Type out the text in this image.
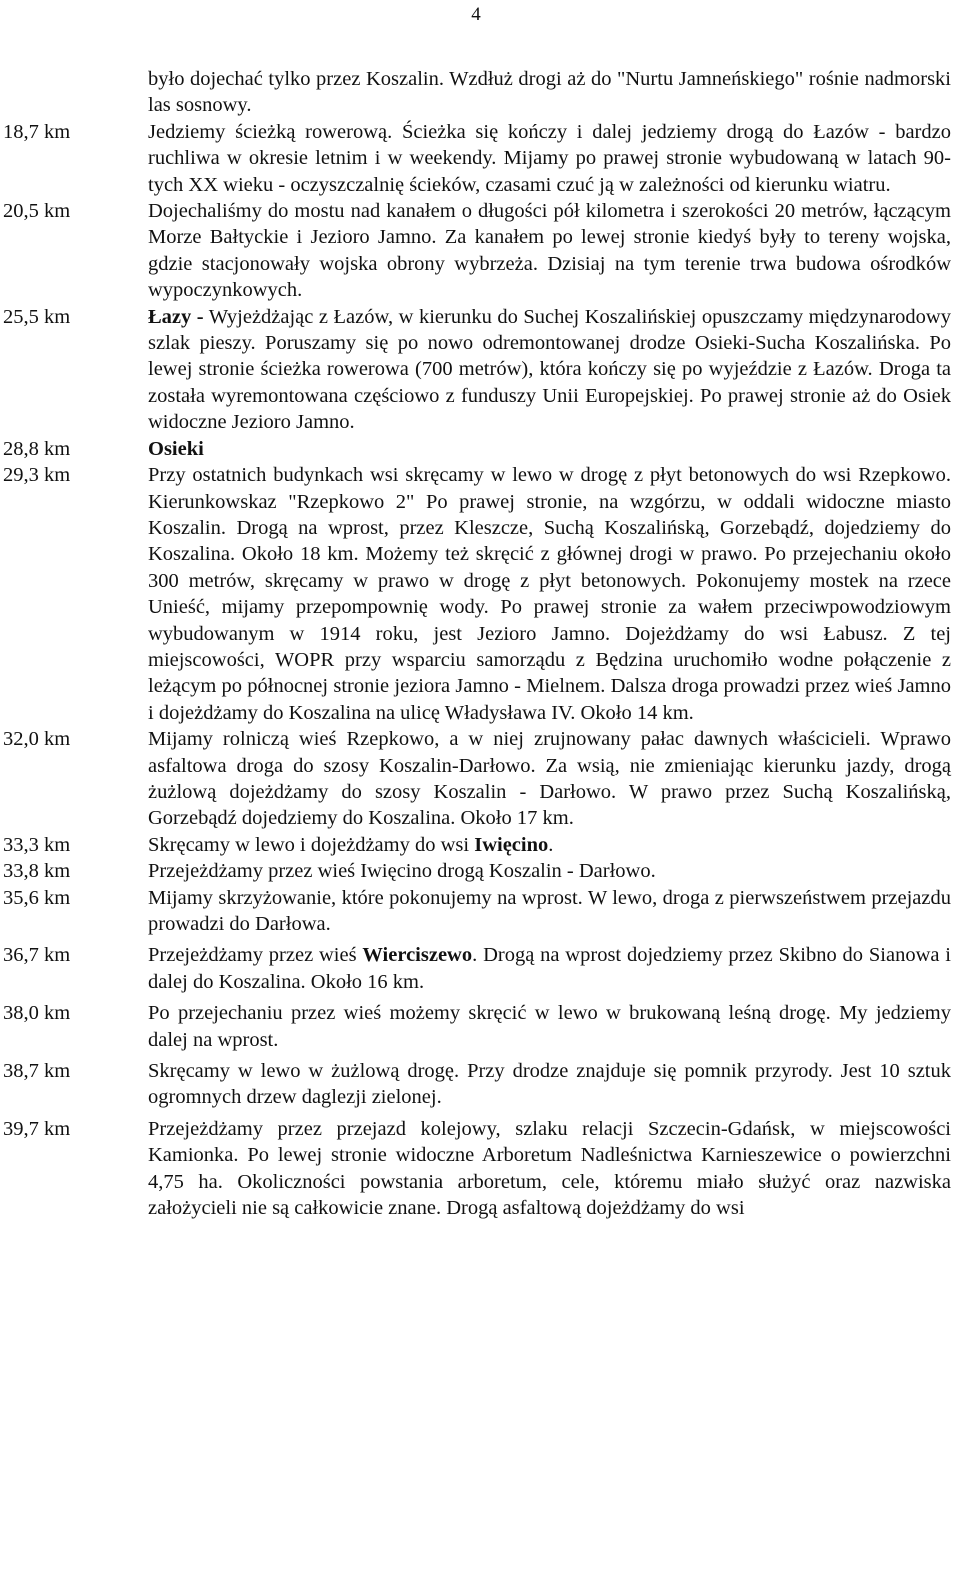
4
było dojechać tylko przez Koszalin. Wzdłuż drogi aż do "Nurtu Jamneńskiego" rośnie nadmorski las sosnowy.
18,7 km	Jedziemy ścieżką rowerową. Ścieżka się kończy i dalej jedziemy drogą do Łazów - bardzo ruchliwa w okresie letnim i w weekendy. Mijamy po prawej stronie wybudowaną w latach 90-tych XX wieku - oczyszczalnię ścieków, czasami czuć ją w zależności od kierunku wiatru.
20,5 km	Dojechaliśmy do mostu nad kanałem o długości pół kilometra i szerokości 20 metrów, łączącym Morze Bałtyckie i Jezioro Jamno. Za kanałem po lewej stronie kiedyś były to tereny wojska, gdzie stacjonowały wojska obrony wybrzeża. Dzisiaj na tym terenie trwa budowa ośrodków wypoczynkowych.
25,5 km	Łazy - Wyjeżdżając z Łazów, w kierunku do Suchej Koszalińskiej opuszczamy międzynarodowy szlak pieszy. Poruszamy się po nowo odremontowanej drodze Osieki-Sucha Koszalińska. Po lewej stronie ścieżka rowerowa (700 metrów), która kończy się po wyjeździe z Łazów. Droga ta została wyremontowana częściowo z funduszy Unii Europejskiej. Po prawej stronie aż do Osiek widoczne Jezioro Jamno.
28,8 km	Osieki
29,3 km	Przy ostatnich budynkach wsi skręcamy w lewo w drogę z płyt betonowych do wsi Rzepkowo. Kierunkowskaz "Rzepkowo 2" Po prawej stronie, na wzgórzu, w oddali widoczne miasto Koszalin. Drogą na wprost, przez Kleszcze, Suchą Koszalińską, Gorzebądź, dojedziemy do Koszalina. Około 18 km. Możemy też skręcić z głównej drogi w prawo. Po przejechaniu około 300 metrów, skręcamy w prawo w drogę z płyt betonowych. Pokonujemy mostek na rzece Unieść, mijamy przepompownię wody. Po prawej stronie za wałem przeciwpowodziowym wybudowanym w 1914 roku, jest Jezioro Jamno. Dojeżdżamy do wsi Łabusz. Z tej miejscowości, WOPR przy wsparciu samorządu z Będzina uruchomiło wodne połączenie z leżącym po północnej stronie jeziora Jamno - Mielnem. Dalsza droga prowadzi przez wieś Jamno i dojeżdżamy do Koszalina na ulicę Władysława IV. Około 14 km.
32,0 km	Mijamy rolniczą wieś Rzepkowo, a w niej zrujnowany pałac dawnych właścicieli. Wprawo asfaltowa droga do szosy Koszalin-Darłowo. Za wsią, nie zmieniając kierunku jazdy, drogą żużlową dojeżdżamy do szosy Koszalin - Darłowo. W prawo przez Suchą Koszalińską, Gorzebądź dojedziemy do Koszalina. Około 17 km.
33,3 km	Skręcamy w lewo i dojeżdżamy do wsi Iwięcino.
33,8 km	Przejeżdżamy przez wieś Iwięcino drogą Koszalin - Darłowo.
35,6 km	Mijamy skrzyżowanie, które pokonujemy na wprost. W lewo, droga z pierwszeństwem przejazdu prowadzi do Darłowa.
36,7 km	Przejeżdżamy przez wieś Wierciszewo. Drogą na wprost dojedziemy przez Skibno do Sianowa i dalej do Koszalina. Około 16 km.
38,0 km	Po przejechaniu przez wieś możemy skręcić w lewo w brukowaną leśną drogę. My jedziemy dalej na wprost.
38,7 km	Skręcamy w lewo w żużlową drogę. Przy drodze znajduje się pomnik przyrody. Jest 10 sztuk ogromnych drzew daglezji zielonej.
39,7 km	Przejeżdżamy przez przejazd kolejowy, szlaku relacji Szczecin-Gdańsk, w miejscowości Kamionka. Po lewej stronie widoczne Arboretum Nadleśnictwa Karnieszewice o powierzchni 4,75 ha. Okoliczności powstania arboretum, cele, któremu miało służyć oraz nazwiska założycieli nie są całkowicie znane. Drogą asfaltową dojeżdżamy do wsi
